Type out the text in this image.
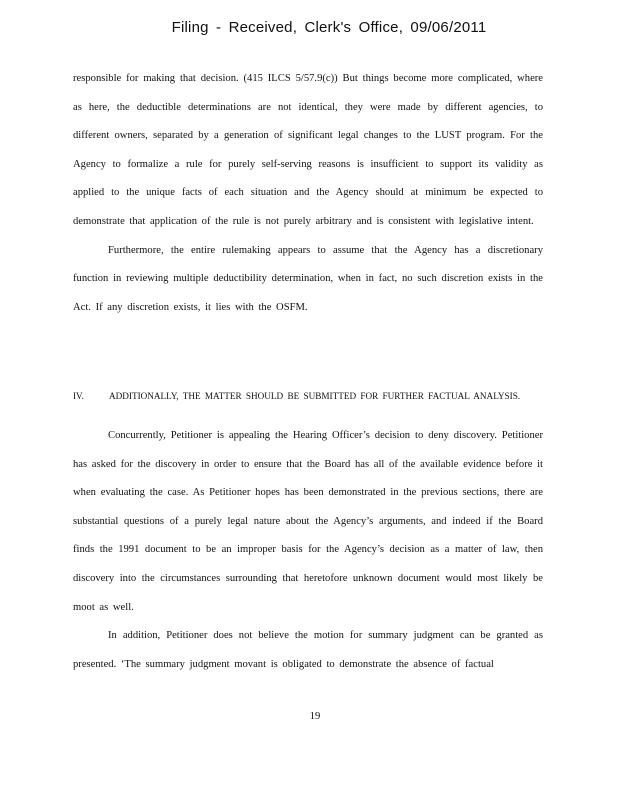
Filing - Received, Clerk's Office, 09/06/2011

responsible for making that decision. (415 ILCS 5/57.9(c)) But things become more complicated, where as here, the deductible determinations are not identical, they were made by different agencies, to different owners, separated by a generation of significant legal changes to the LUST program. For the Agency to formalize a rule for purely self-serving reasons is insufficient to support its validity as applied to the unique facts of each situation and the Agency should at minimum be expected to demonstrate that application of the rule is not purely arbitrary and is consistent with legislative intent.

Furthermore, the entire rulemaking appears to assume that the Agency has a discretionary function in reviewing multiple deductibility determination, when in fact, no such discretion exists in the Act. If any discretion exists, it lies with the OSFM.

IV.	ADDITIONALLY, THE MATTER SHOULD BE SUBMITTED FOR FURTHER FACTUAL ANALYSIS.

Concurrently, Petitioner is appealing the Hearing Officer’s decision to deny discovery. Petitioner has asked for the discovery in order to ensure that the Board has all of the available evidence before it when evaluating the case. As Petitioner hopes has been demonstrated in the previous sections, there are substantial questions of a purely legal nature about the Agency’s arguments, and indeed if the Board finds the 1991 document to be an improper basis for the Agency’s decision as a matter of law, then discovery into the circumstances surrounding that heretofore unknown document would most likely be moot as well.

In addition, Petitioner does not believe the motion for summary judgment can be granted as presented. ‘The summary judgment movant is obligated to demonstrate the absence of factual

19
